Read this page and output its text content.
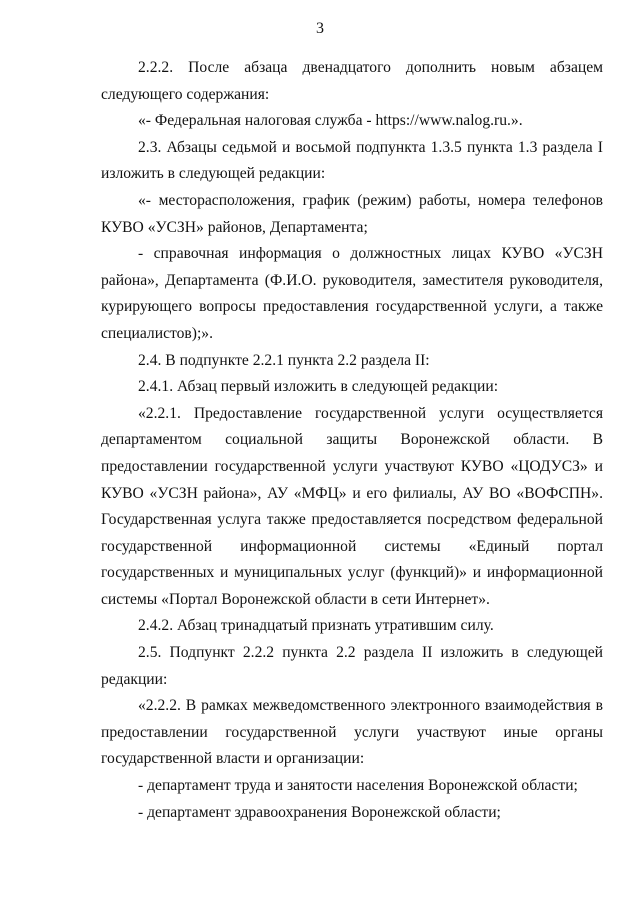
3

2.2.2. После абзаца двенадцатого дополнить новым абзацем следующего содержания:

«- Федеральная налоговая служба - https://www.nalog.ru.».

2.3. Абзацы седьмой и восьмой подпункта 1.3.5 пункта 1.3 раздела I изложить в следующей редакции:

«- месторасположения, график (режим) работы, номера телефонов КУВО «УСЗН» районов, Департамента;

- справочная информация о должностных лицах КУВО «УСЗН района», Департамента (Ф.И.О. руководителя, заместителя руководителя, курирующего вопросы предоставления государственной услуги, а также специалистов);».

2.4. В подпункте 2.2.1 пункта 2.2 раздела II:

2.4.1. Абзац первый изложить в следующей редакции:

«2.2.1. Предоставление государственной услуги осуществляется департаментом социальной защиты Воронежской области. В предоставлении государственной услуги участвуют КУВО «ЦОДУСЗ» и КУВО «УСЗН района», АУ «МФЦ» и его филиалы, АУ ВО «ВОФСПН». Государственная услуга также предоставляется посредством федеральной государственной информационной системы «Единый портал государственных и муниципальных услуг (функций)» и информационной системы «Портал Воронежской области в сети Интернет».

2.4.2. Абзац тринадцатый признать утратившим силу.

2.5. Подпункт 2.2.2 пункта 2.2 раздела II изложить в следующей редакции:

«2.2.2. В рамках межведомственного электронного взаимодействия в предоставлении государственной услуги участвуют иные органы государственной власти и организации:

- департамент труда и занятости населения Воронежской области;

- департамент здравоохранения Воронежской области;
